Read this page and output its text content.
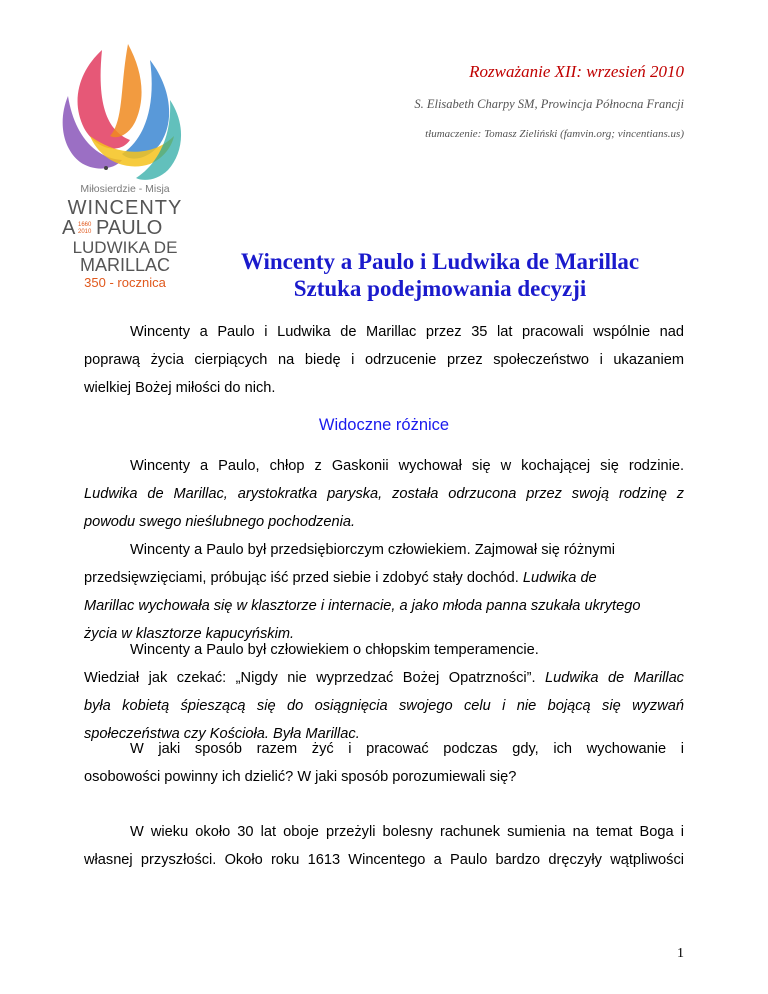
Miłosierdzie - Misja
WINCENTY
A 1660
2010 PAULO
LUDWIKA DE
MARILLAC
350 - rocznica
Rozważanie XII: wrzesień 2010
S. Elisabeth Charpy SM, Prowincja Północna Francji
tłumaczenie: Tomasz Zieliński (famvin.org; vincentians.us)
Wincenty a Paulo i Ludwika de Marillac
Sztuka podejmowania decyzji
Wincenty a Paulo i Ludwika de Marillac przez 35 lat pracowali wspólnie nad
poprawą życia cierpiących na biedę i odrzucenie przez społeczeństwo i ukazaniem
wielkiej Bożej miłości do nich.
Widoczne różnice
Wincenty a Paulo, chłop z Gaskonii wychował się w kochającej się rodzinie.
Ludwika de Marillac, arystokratka paryska, została odrzucona przez swoją rodzinę z
powodu swego nieślubnego pochodzenia.
Wincenty a Paulo był przedsiębiorczym człowiekiem. Zajmował się różnymi
przedsięwzięciami, próbując iść przed siebie i zdobyć stały dochód. Ludwika de
Marillac wychowała się w klasztorze i internacie, a jako młoda panna szukała ukrytego
życia w klasztorze kapucyńskim.
Wincenty a Paulo był człowiekiem o chłopskim temperamencie.
Wiedział jak czekać: „Nigdy nie wyprzedzać Bożej Opatrzności”. Ludwika de Marillac
była kobietą śpieszącą się do osiągnięcia swojego celu i nie bojącą się wyzwań
społeczeństwa czy Kościoła. Była Marillac.
W jaki sposób razem żyć i pracować podczas gdy, ich wychowanie i
osobowości powinny ich dzielić? W jaki sposób porozumiewali się?
W wieku około 30 lat oboje przeżyli bolesny rachunek sumienia na temat Boga i
własnej przyszłości. Około roku 1613 Wincentego a Paulo bardzo dręczyły wątpliwości
1
